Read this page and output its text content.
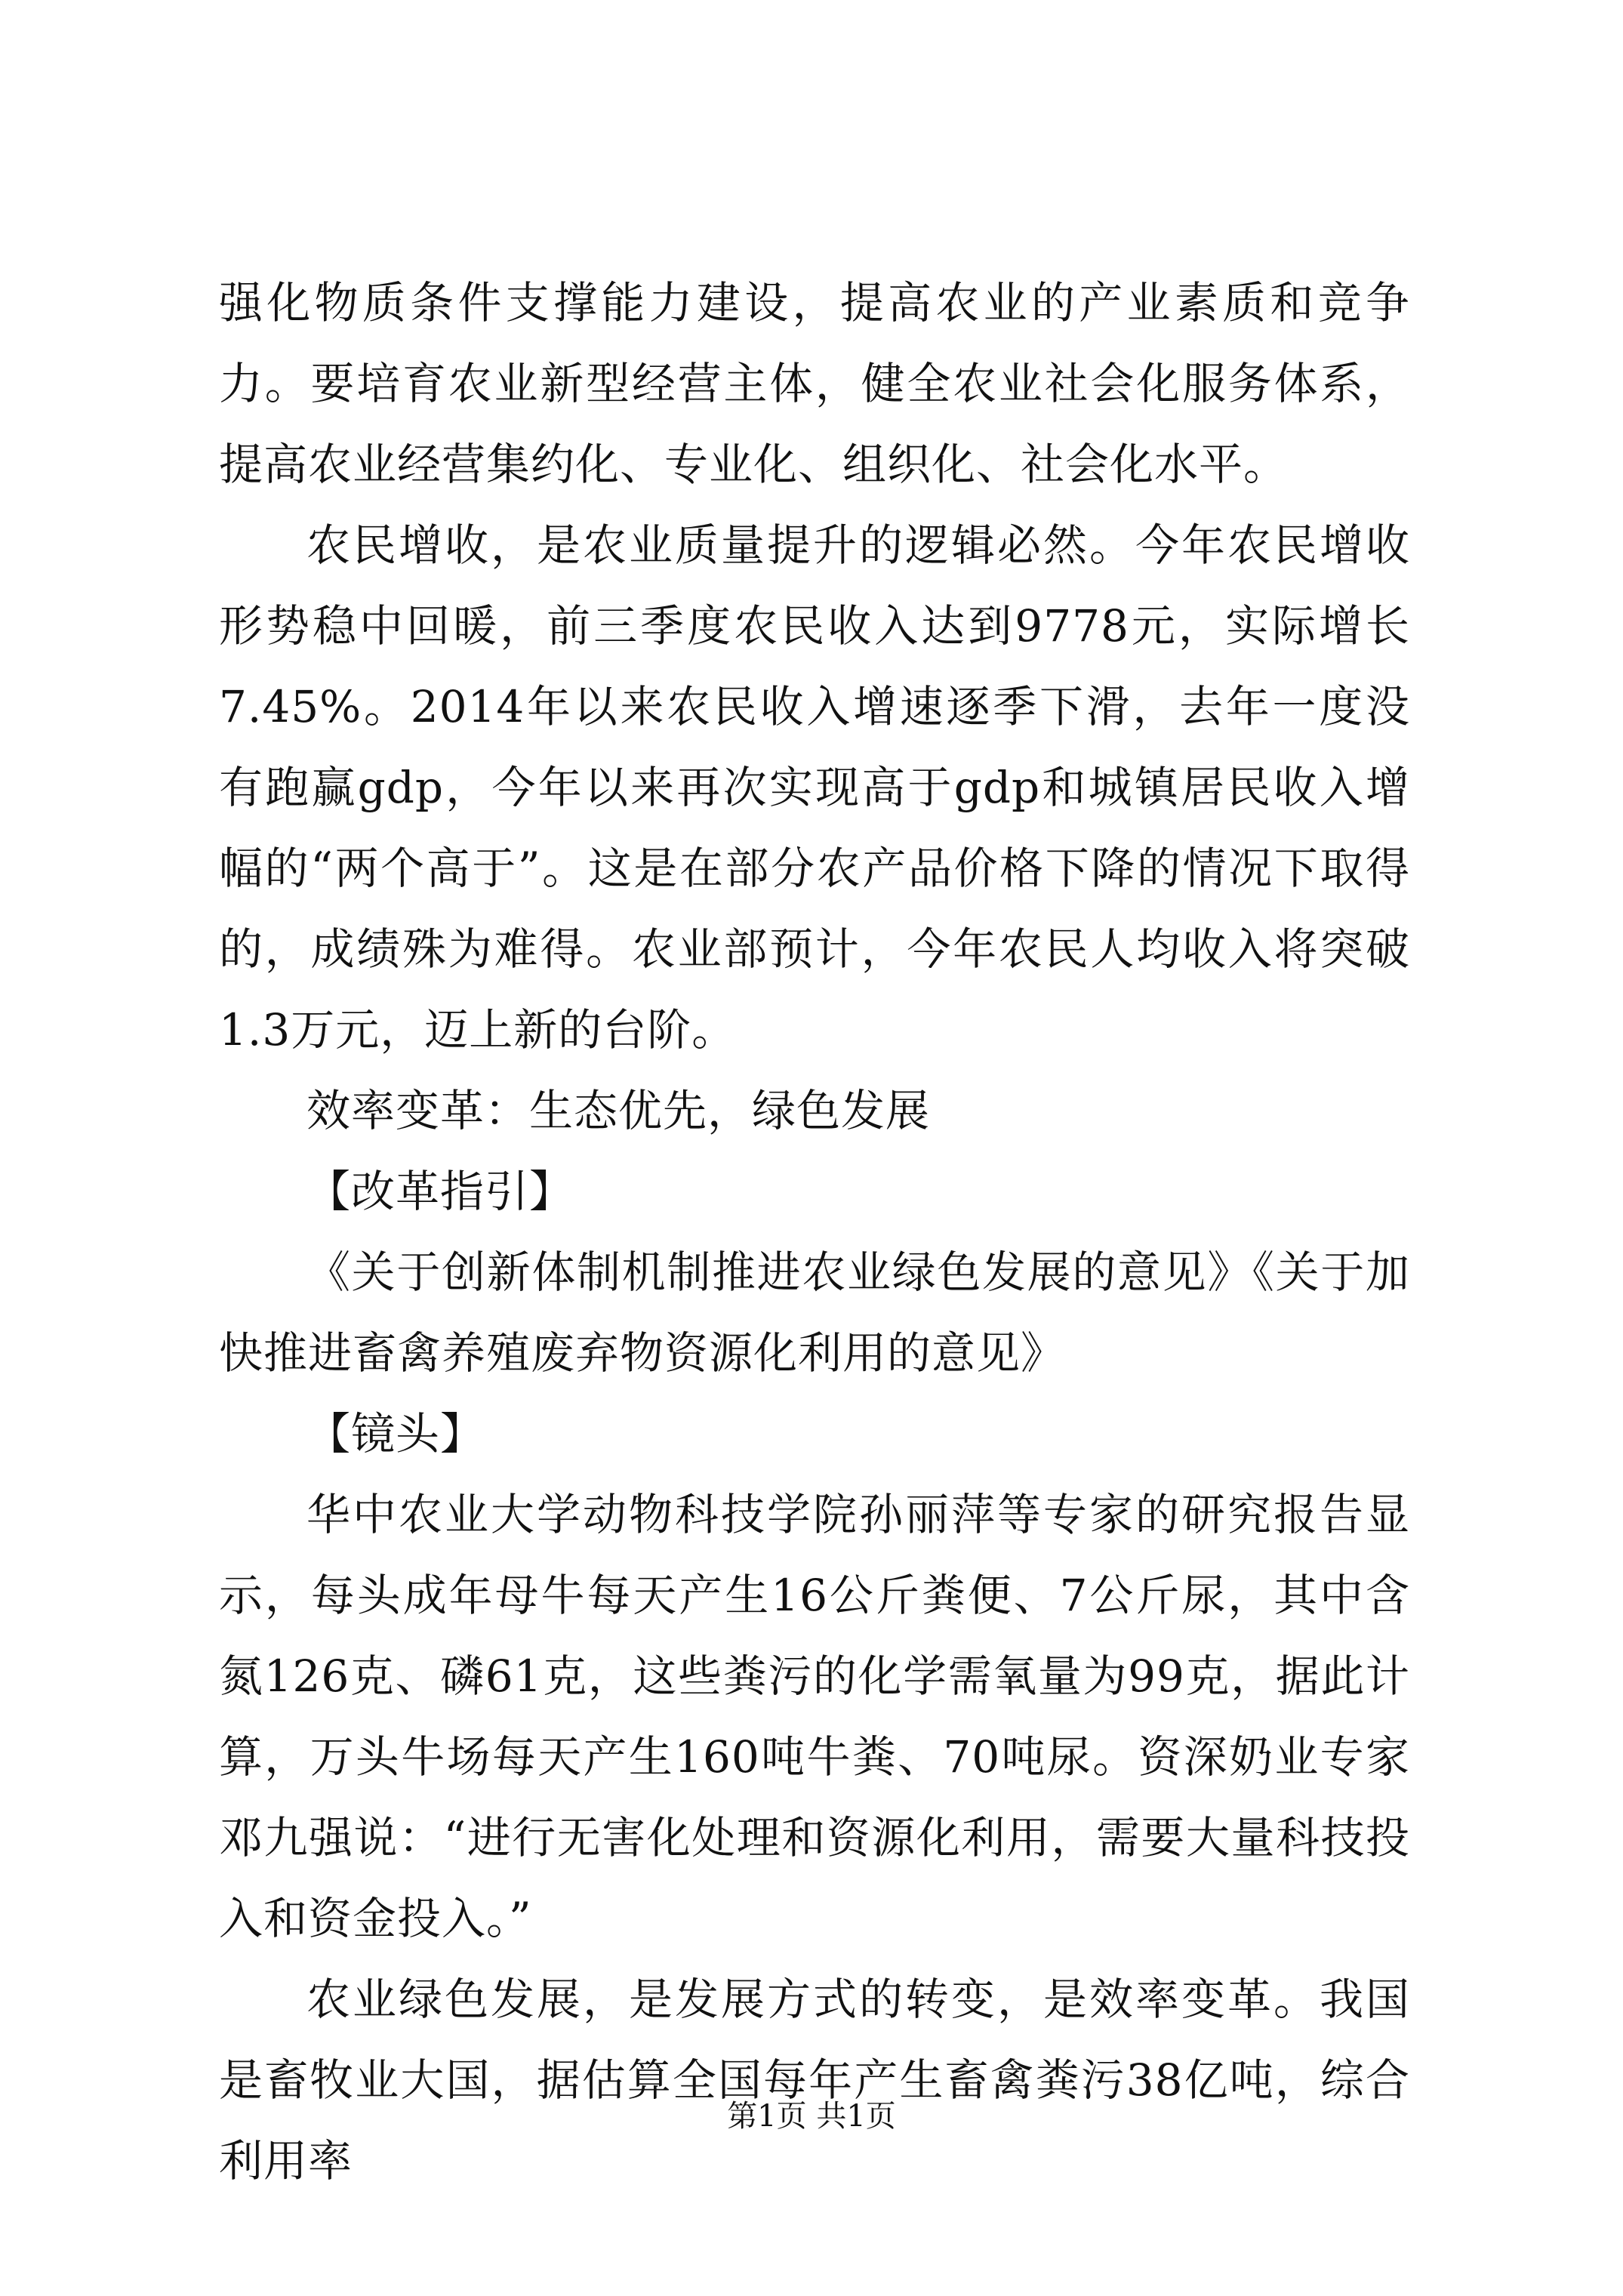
强化物质条件支撑能力建设，提高农业的产业素质和竞争力。要培育农业新型经营主体，健全农业社会化服务体系，提高农业经营集约化、专业化、组织化、社会化水平。

农民增收，是农业质量提升的逻辑必然。今年农民增收形势稳中回暖，前三季度农民收入达到9778元，实际增长7.45%。2014年以来农民收入增速逐季下滑，去年一度没有跑赢gdp，今年以来再次实现高于gdp和城镇居民收入增幅的“两个高于”。这是在部分农产品价格下降的情况下取得的，成绩殊为难得。农业部预计，今年农民人均收入将突破1.3万元，迈上新的台阶。

效率变革：生态优先，绿色发展

【改革指引】

《关于创新体制机制推进农业绿色发展的意见》《关于加快推进畜禽养殖废弃物资源化利用的意见》

【镜头】

华中农业大学动物科技学院孙丽萍等专家的研究报告显示，每头成年母牛每天产生16公斤粪便、7公斤尿，其中含氮126克、磷61克，这些粪污的化学需氧量为99克，据此计算，万头牛场每天产生160吨牛粪、70吨尿。资深奶业专家邓九强说：“进行无害化处理和资源化利用，需要大量科技投入和资金投入。”

农业绿色发展，是发展方式的转变，是效率变革。我国是畜牧业大国，据估算全国每年产生畜禽粪污38亿吨，综合利用率

第1页 共1页
